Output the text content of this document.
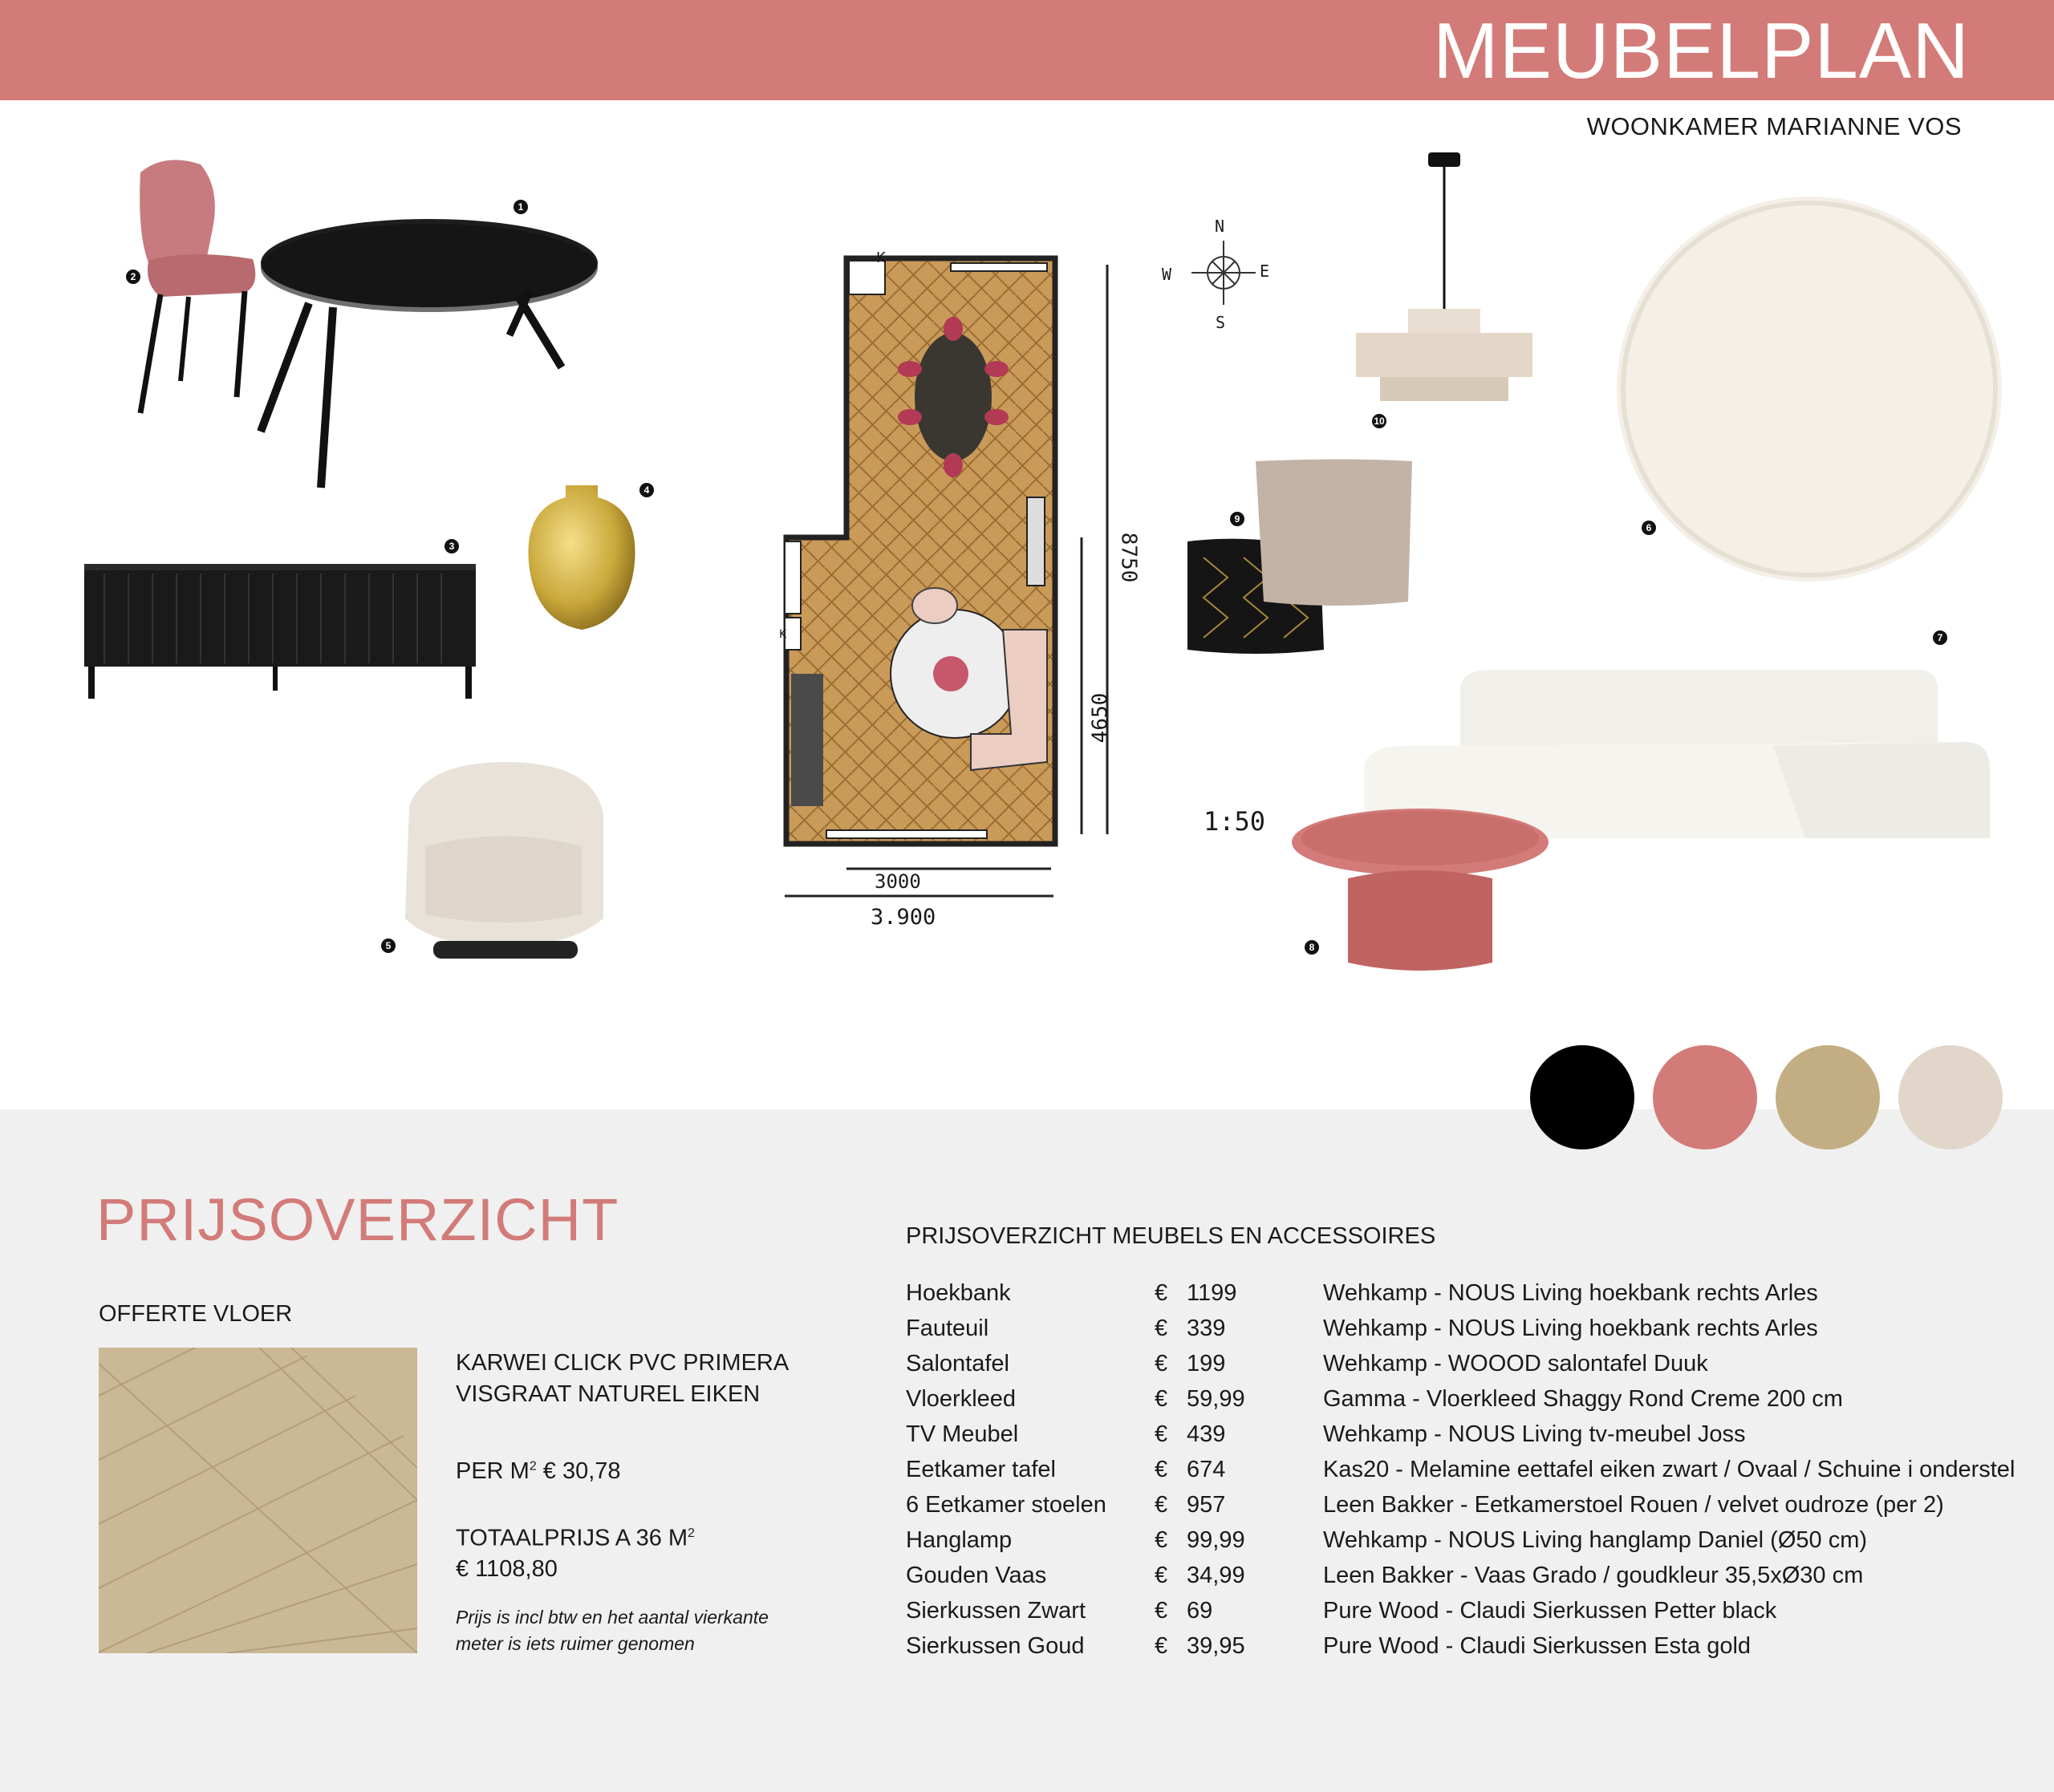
MEUBELPLAN
WOONKAMER MARIANNE VOS
K
K
8750
4650
3000
3.900
1:50
N
E
S
W
1
2
3
4
5
6
7
8
9
10
PRIJSOVERZICHT
OFFERTE VLOER
KARWEI CLICK PVC PRIMERA VISGRAAT NATUREL EIKEN
PER $M^2$ € 30,78
TOTAALPRIJS A 36 $M^2$
€ 1108,80
Prijs is incl btw en het aantal vierkante meter is iets ruimer genomen
PRIJSOVERZICHT MEUBELS EN ACCESSOIRES
Hoekbank	€	1199	Wehkamp - NOUS Living hoekbank rechts Arles
Fauteuil	€	339	Wehkamp - NOUS Living hoekbank rechts Arles
Salontafel	€	199	Wehkamp - WOOOD salontafel Duuk
Vloerkleed	€	59,99	Gamma - Vloerkleed Shaggy Rond Creme 200 cm
TV Meubel	€	439	Wehkamp - NOUS Living tv-meubel Joss
Eetkamer tafel	€	674	Kas20 - Melamine eettafel eiken zwart / Ovaal / Schuine i onderstel
6 Eetkamer stoelen	€	957	Leen Bakker - Eetkamerstoel Rouen / velvet oudroze (per 2)
Hanglamp	€	99,99	Wehkamp - NOUS Living hanglamp Daniel (Ø50 cm)
Gouden Vaas	€	34,99	Leen Bakker - Vaas Grado / goudkleur 35,5xØ30 cm
Sierkussen Zwart	€	69	Pure Wood - Claudi Sierkussen Petter black
Sierkussen Goud	€	39,95	Pure Wood - Claudi Sierkussen Esta gold
